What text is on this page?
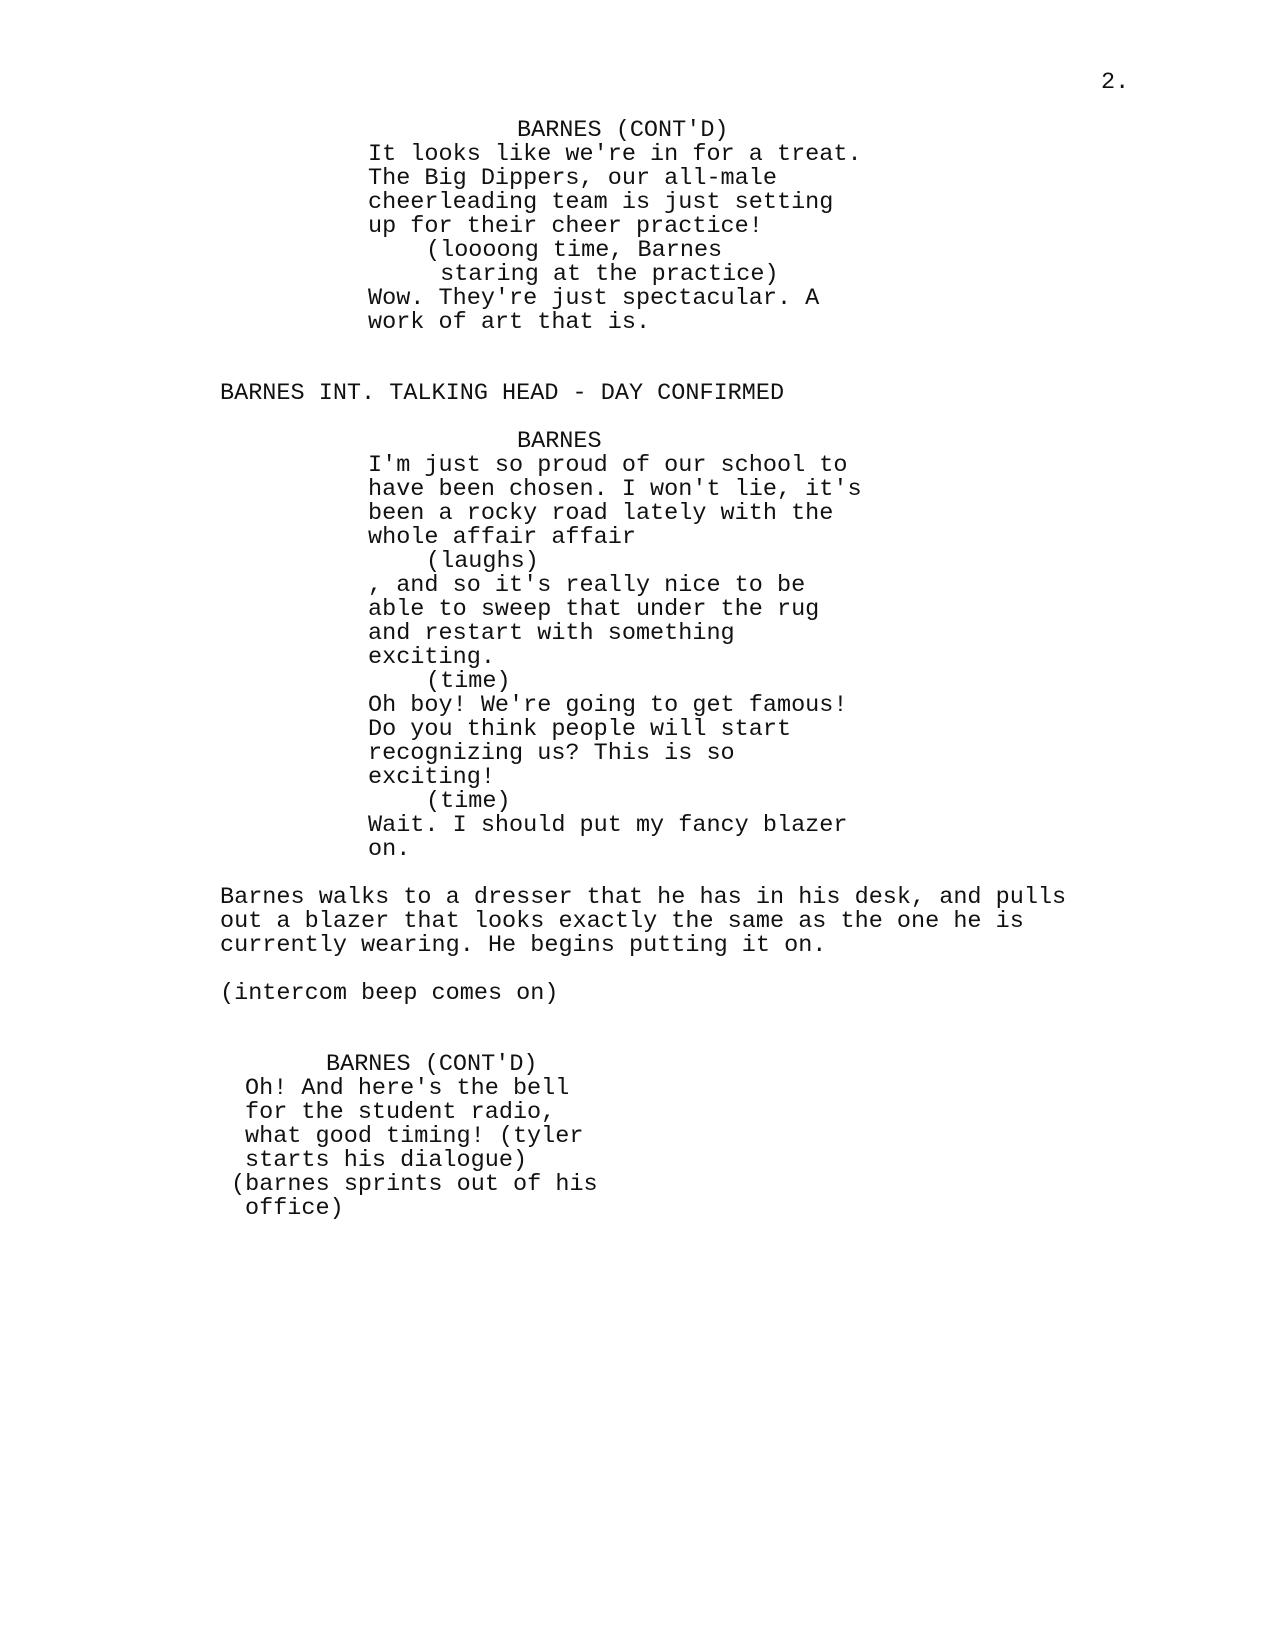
2.
BARNES (CONT'D)
It looks like we're in for a treat.
The Big Dippers, our all-male
cheerleading team is just setting
up for their cheer practice!
(loooong time, Barnes
staring at the practice)
Wow. They're just spectacular. A
work of art that is.
BARNES INT. TALKING HEAD - DAY CONFIRMED
BARNES
I'm just so proud of our school to
have been chosen. I won't lie, it's
been a rocky road lately with the
whole affair affair
(laughs)
, and so it's really nice to be
able to sweep that under the rug
and restart with something
exciting.
(time)
Oh boy! We're going to get famous!
Do you think people will start
recognizing us? This is so
exciting!
(time)
Wait. I should put my fancy blazer
on.
Barnes walks to a dresser that he has in his desk, and pulls
out a blazer that looks exactly the same as the one he is
currently wearing. He begins putting it on.
(intercom beep comes on)
BARNES (CONT'D)
Oh! And here's the bell
for the student radio,
what good timing! (tyler
starts his dialogue)
(barnes sprints out of his
office)
